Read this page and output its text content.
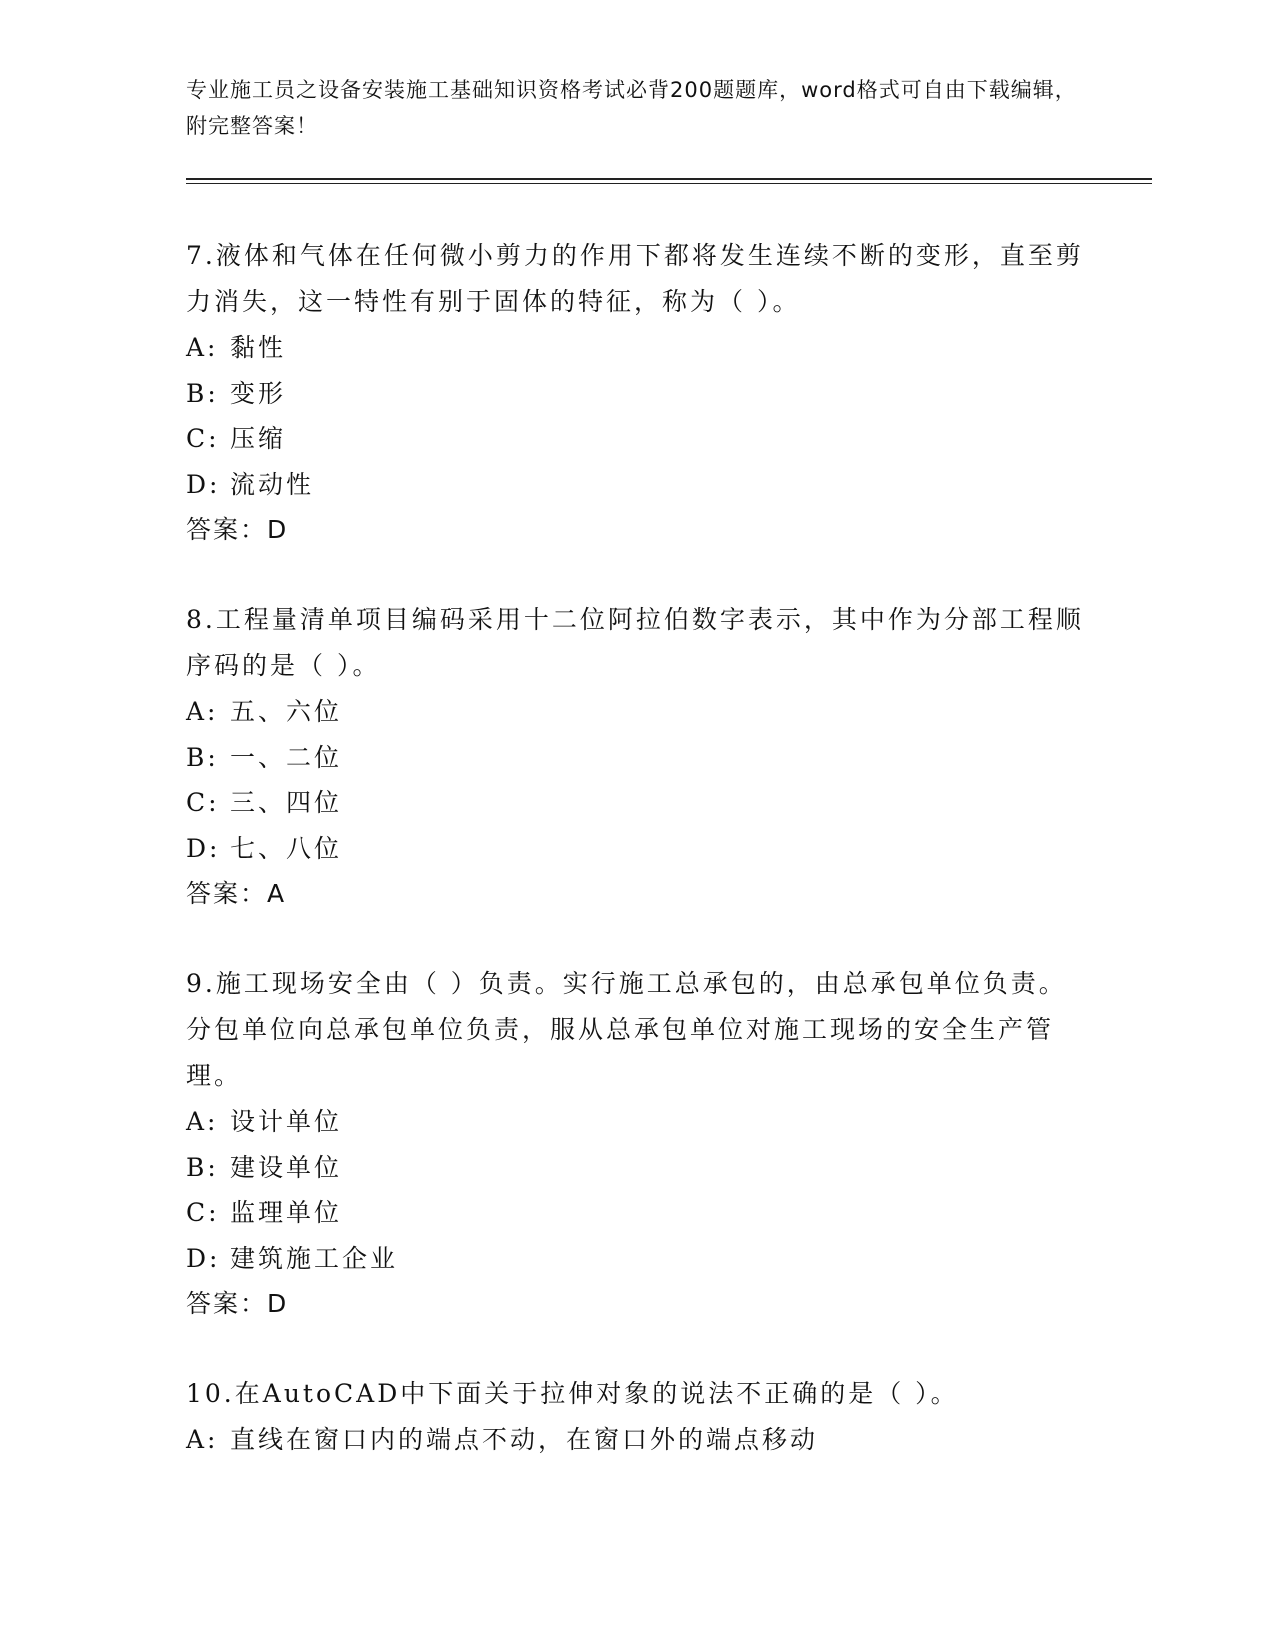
专业施工员之设备安装施工基础知识资格考试必背200题题库，word格式可自由下载编辑，附完整答案！
7.液体和气体在任何微小剪力的作用下都将发生连续不断的变形，直至剪力消失，这一特性有别于固体的特征，称为（ ）。
A: 黏性
B: 变形
C: 压缩
D: 流动性
答案：D
8.工程量清单项目编码采用十二位阿拉伯数字表示，其中作为分部工程顺序码的是（ ）。
A: 五、六位
B: 一、二位
C: 三、四位
D: 七、八位
答案：A
9.施工现场安全由（ ）负责。实行施工总承包的，由总承包单位负责。分包单位向总承包单位负责，服从总承包单位对施工现场的安全生产管理。
A: 设计单位
B: 建设单位
C: 监理单位
D: 建筑施工企业
答案：D
10.在AutoCAD中下面关于拉伸对象的说法不正确的是（ ）。
A: 直线在窗口内的端点不动，在窗口外的端点移动
